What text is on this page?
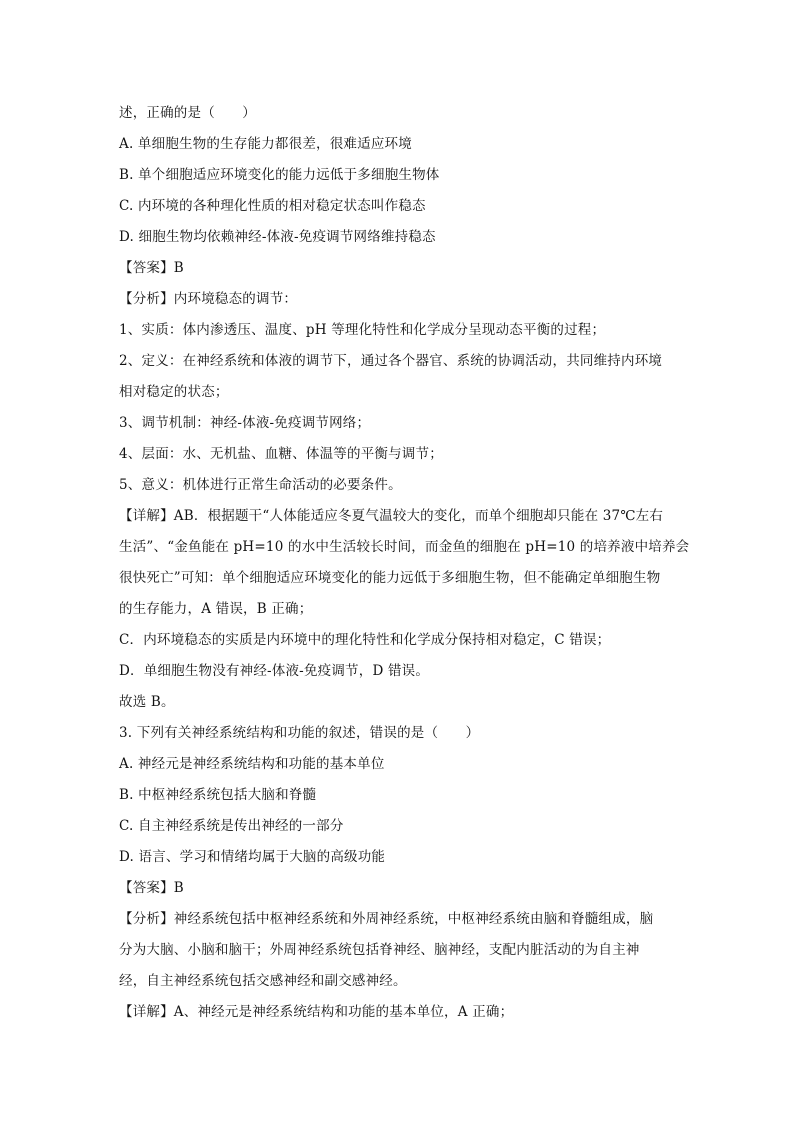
述，正确的是（　　）
A. 单细胞生物的生存能力都很差，很难适应环境
B. 单个细胞适应环境变化的能力远低于多细胞生物体
C. 内环境的各种理化性质的相对稳定状态叫作稳态
D. 细胞生物均依赖神经-体液-免疫调节网络维持稳态
【答案】B
【分析】内环境稳态的调节：
1、实质：体内渗透压、温度、pH 等理化特性和化学成分呈现动态平衡的过程；
2、定义：在神经系统和体液的调节下，通过各个器官、系统的协调活动，共同维持内环境
相对稳定的状态；
3、调节机制：神经-体液-免疫调节网络；
4、层面：水、无机盐、血糖、体温等的平衡与调节；
5、意义：机体进行正常生命活动的必要条件。
【详解】AB．根据题干“人体能适应冬夏气温较大的变化，而单个细胞却只能在 37℃左右
生活”、“金鱼能在 pH=10 的水中生活较长时间，而金鱼的细胞在 pH=10 的培养液中培养会
很快死亡”可知：单个细胞适应环境变化的能力远低于多细胞生物，但不能确定单细胞生物
的生存能力，A 错误，B 正确；
C．内环境稳态的实质是内环境中的理化特性和化学成分保持相对稳定，C 错误；
D．单细胞生物没有神经-体液-免疫调节，D 错误。
故选 B。
3. 下列有关神经系统结构和功能的叙述，错误的是（　　）
A. 神经元是神经系统结构和功能的基本单位
B. 中枢神经系统包括大脑和脊髓
C. 自主神经系统是传出神经的一部分
D. 语言、学习和情绪均属于大脑的高级功能
【答案】B
【分析】神经系统包括中枢神经系统和外周神经系统，中枢神经系统由脑和脊髓组成，脑
分为大脑、小脑和脑干；外周神经系统包括脊神经、脑神经，支配内脏活动的为自主神
经，自主神经系统包括交感神经和副交感神经。
【详解】A、神经元是神经系统结构和功能的基本单位，A 正确；
